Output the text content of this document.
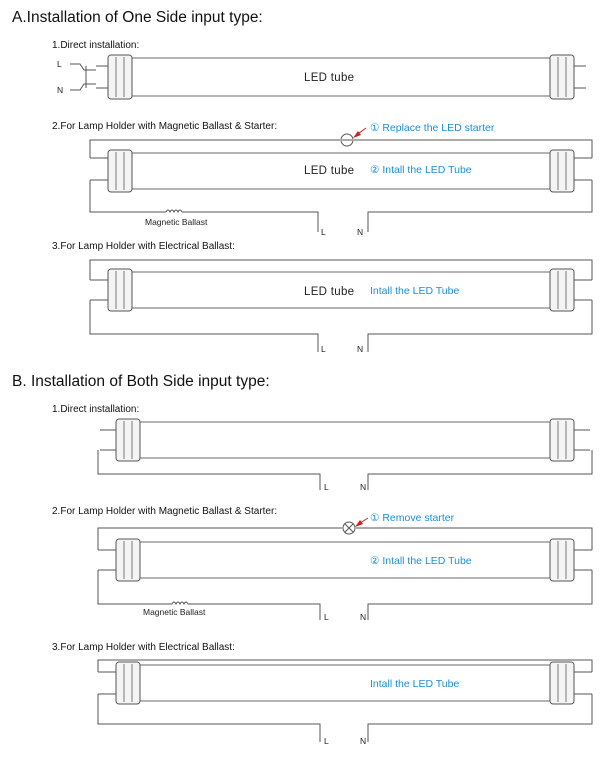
A.Installation of One Side input type:
1.Direct installation:
L
N
LED tube
2.For Lamp Holder with Magnetic Ballast & Starter:	① Replace the LED starter
LED tube ② Intall the LED Tube
Magnetic Ballast
L	N
3.For Lamp Holder with Electrical Ballast:
LED tube Intall the LED Tube
L	N
B. Installation of Both Side input type:
1.Direct installation:
L	N
2.For Lamp Holder with Magnetic Ballast & Starter:
① Remove starter
② Intall the LED Tube
Magnetic Ballast	L	N
3.For Lamp Holder with Electrical Ballast:
Intall the LED Tube
L	N
